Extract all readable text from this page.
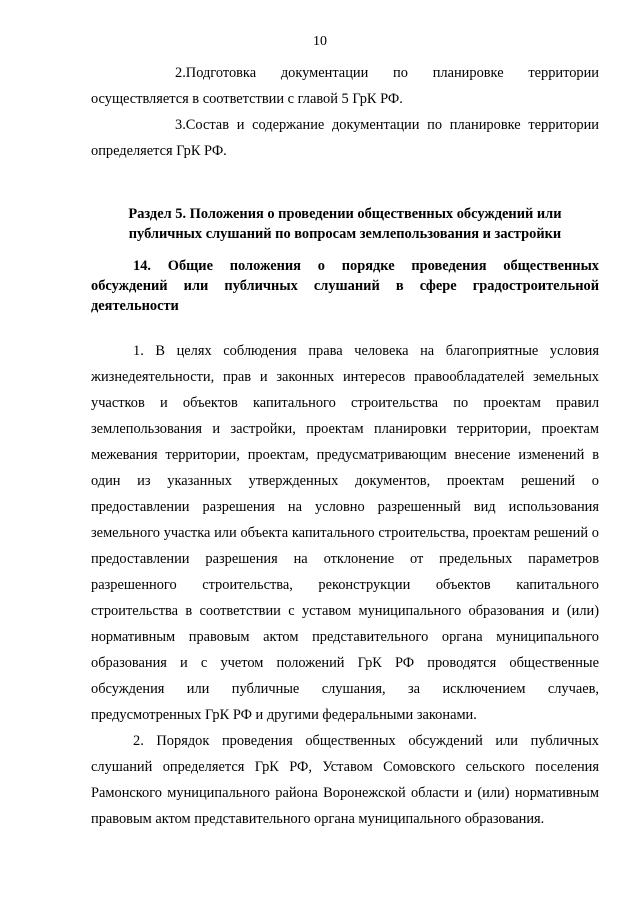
10

2.Подготовка документации по планировке территории осуществляется в соответствии с главой 5 ГрК РФ.

3.Состав и содержание документации по планировке территории определяется ГрК РФ.

Раздел 5. Положения о проведении общественных обсуждений или публичных слушаний по вопросам землепользования и застройки
14. Общие положения о порядке проведения общественных обсуждений или публичных слушаний в сфере градостроительной деятельности

1. В целях соблюдения права человека на благоприятные условия жизнедеятельности, прав и законных интересов правообладателей земельных участков и объектов капитального строительства по проектам правил землепользования и застройки, проектам планировки территории, проектам межевания территории, проектам, предусматривающим внесение изменений в один из указанных утвержденных документов, проектам решений о предоставлении разрешения на условно разрешенный вид использования земельного участка или объекта капитального строительства, проектам решений о предоставлении разрешения на отклонение от предельных параметров разрешенного строительства, реконструкции объектов капитального строительства в соответствии с уставом муниципального образования и (или) нормативным правовым актом представительного органа муниципального образования и с учетом положений ГрК РФ проводятся общественные обсуждения или публичные слушания, за исключением случаев, предусмотренных ГрК РФ и другими федеральными законами.

2. Порядок проведения общественных обсуждений или публичных слушаний определяется ГрК РФ, Уставом Сомовского сельского поселения Рамонского муниципального района Воронежской области и (или) нормативным правовым актом представительного органа муниципального образования.
